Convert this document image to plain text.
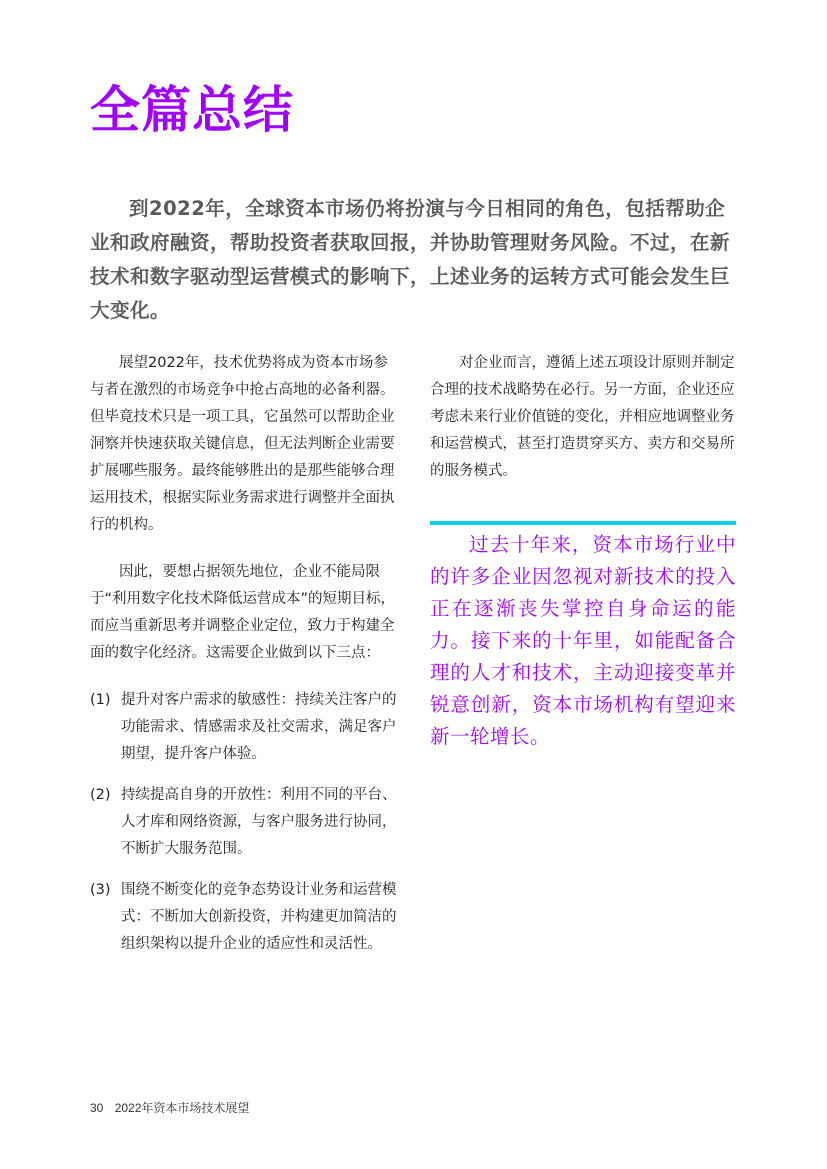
全篇总结

到2022年，全球资本市场仍将扮演与今日相同的角色，包括帮助企业和政府融资，帮助投资者获取回报，并协助管理财务风险。不过，在新技术和数字驱动型运营模式的影响下，上述业务的运转方式可能会发生巨大变化。

展望2022年，技术优势将成为资本市场参与者在激烈的市场竞争中抢占高地的必备利器。但毕竟技术只是一项工具，它虽然可以帮助企业洞察并快速获取关键信息，但无法判断企业需要扩展哪些服务。最终能够胜出的是那些能够合理运用技术，根据实际业务需求进行调整并全面执行的机构。

因此，要想占据领先地位，企业不能局限于“利用数字化技术降低运营成本”的短期目标，而应当重新思考并调整企业定位，致力于构建全面的数字化经济。这需要企业做到以下三点：

(1) 提升对客户需求的敏感性：持续关注客户的功能需求、情感需求及社交需求，满足客户期望，提升客户体验。
(2) 持续提高自身的开放性：利用不同的平台、人才库和网络资源，与客户服务进行协同，不断扩大服务范围。
(3) 围绕不断变化的竞争态势设计业务和运营模式：不断加大创新投资，并构建更加简洁的组织架构以提升企业的适应性和灵活性。

对企业而言，遵循上述五项设计原则并制定合理的技术战略势在必行。另一方面，企业还应考虑未来行业价值链的变化，并相应地调整业务和运营模式，甚至打造贯穿买方、卖方和交易所的服务模式。

过去十年来，资本市场行业中的许多企业因忽视对新技术的投入正在逐渐丧失掌控自身命运的能力。接下来的十年里，如能配备合理的人才和技术，主动迎接变革并锐意创新，资本市场机构有望迎来新一轮增长。

30 2022年资本市场技术展望
